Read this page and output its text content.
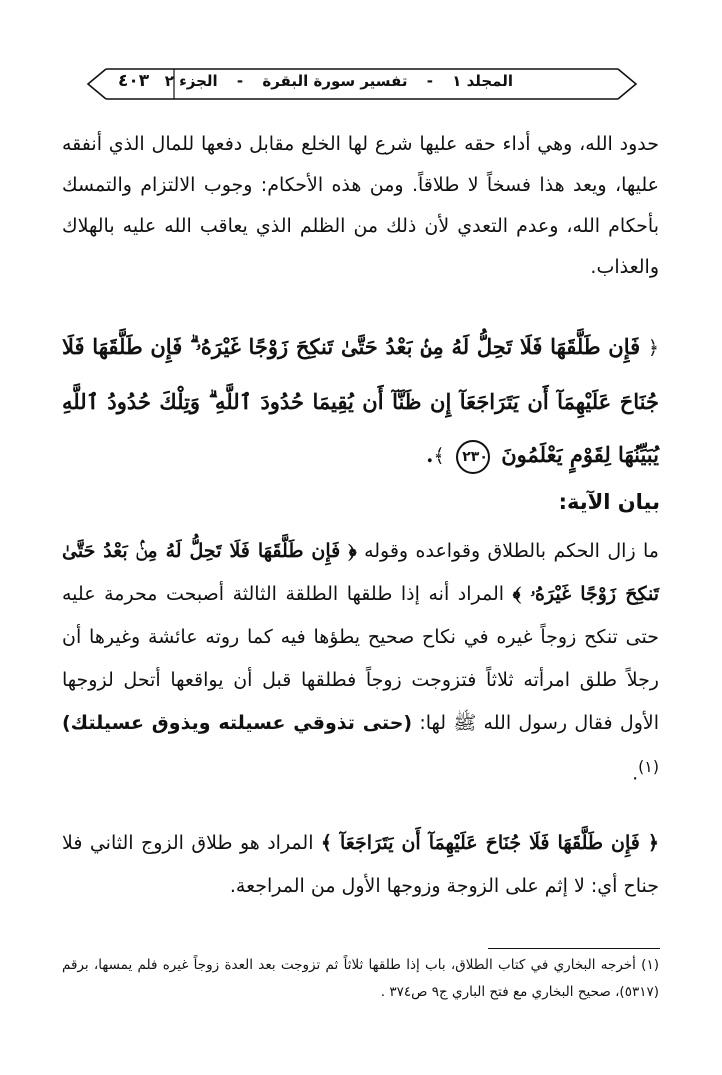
المجلد ١ - تفسير سورة البقرة - الجزء ٢
٤٠٣
حدود الله، وهي أداء حقه عليها شرع لها الخلع مقابل دفعها للمال الذي أنفقه عليها، ويعد هذا فسخاً لا طلاقاً. ومن هذه الأحكام: وجوب الالتزام والتمسك بأحكام الله، وعدم التعدي لأن ذلك من الظلم الذي يعاقب الله عليه بالهلاك والعذاب.
﴿ فَإِن طَلَّقَهَا فَلَا تَحِلُّ لَهُ مِنۢ بَعْدُ حَتَّىٰ تَنكِحَ زَوْجًا غَيْرَهُۥ ۗ فَإِن طَلَّقَهَا فَلَا جُنَاحَ عَلَيْهِمَآ أَن يَتَرَاجَعَآ إِن ظَنَّآ أَن يُقِيمَا حُدُودَ ٱللَّهِ ۗ وَتِلْكَ حُدُودُ ٱللَّهِ يُبَيِّنُهَا لِقَوْمٍ يَعْلَمُونَ ٢٣٠ ﴾.
بيان الآية:
ما زال الحكم بالطلاق وقواعده وقوله ﴿ فَإِن طَلَّقَهَا فَلَا تَحِلُّ لَهُ مِنۢ بَعْدُ حَتَّىٰ تَنكِحَ زَوْجًا غَيْرَهُۥ ﴾ المراد أنه إذا طلقها الطلقة الثالثة أصبحت محرمة عليه حتى تنكح زوجاً غيره في نكاح صحيح يطؤها فيه كما روته عائشة وغيرها أن رجلاً طلق امرأته ثلاثاً فتزوجت زوجاً فطلقها قبل أن يواقعها أتحل لزوجها الأول فقال رسول الله ﷺ لها: (حتى تذوقي عسيلته ويذوق عسيلتك)$^{(١)}$.
﴿ فَإِن طَلَّقَهَا فَلَا جُنَاحَ عَلَيْهِمَآ أَن يَتَرَاجَعَآ ﴾ المراد هو طلاق الزوج الثاني فلا جناح أي: لا إثم على الزوجة وزوجها الأول من المراجعة.
(١) أخرجه البخاري في كتاب الطلاق، باب إذا طلقها ثلاثاً ثم تزوجت بعد العدة زوجاً غيره فلم يمسها، برقم (٥٣١٧)، صحيح البخاري مع فتح الباري ج٩ ص٣٧٤ .
